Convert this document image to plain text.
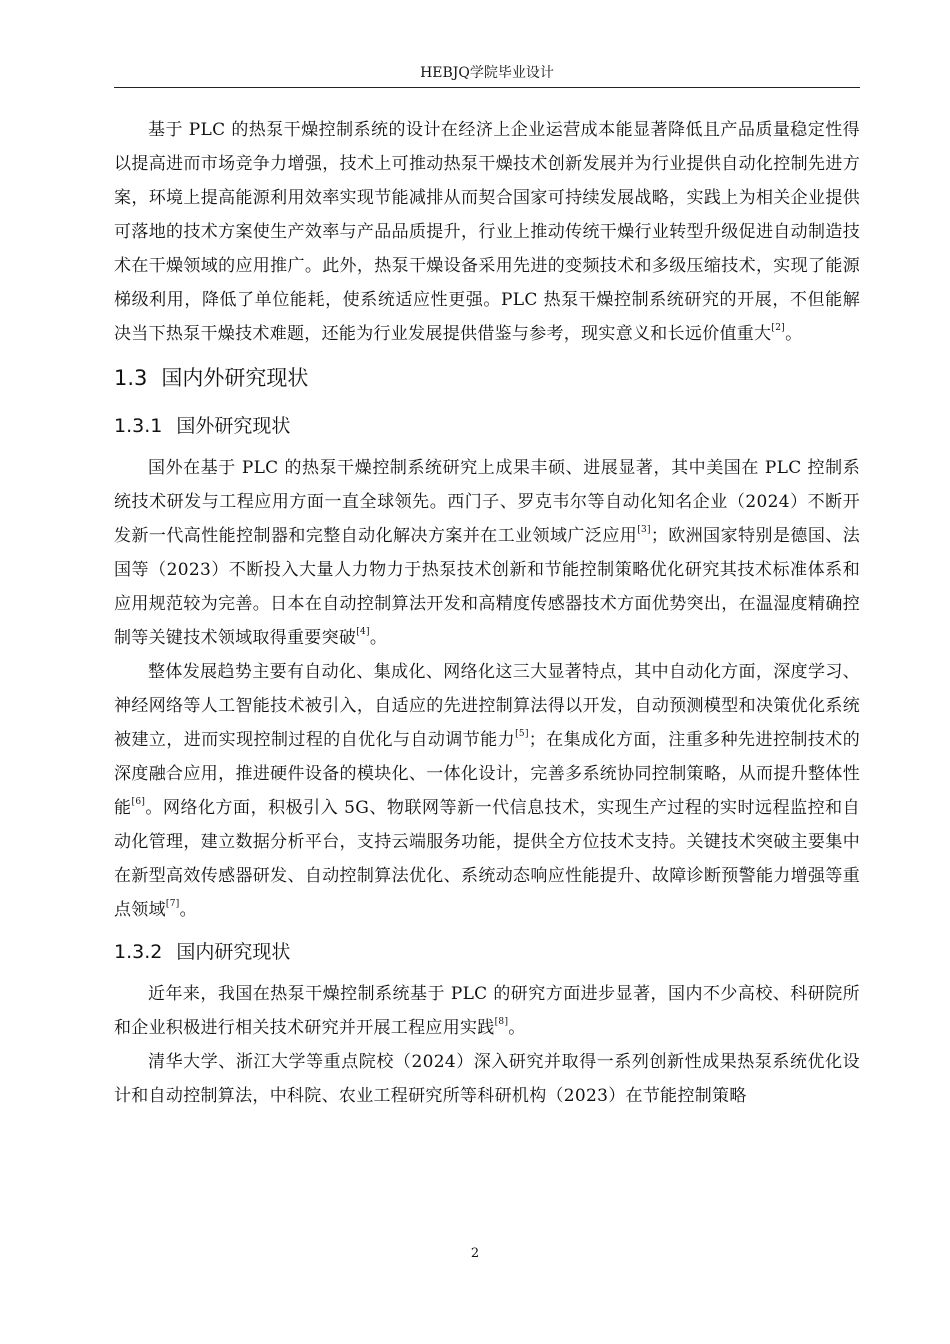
HEBJQ学院毕业设计

基于 PLC 的热泵干燥控制系统的设计在经济上企业运营成本能显著降低且产品质量稳定性得以提高进而市场竞争力增强，技术上可推动热泵干燥技术创新发展并为行业提供自动化控制先进方案，环境上提高能源利用效率实现节能减排从而契合国家可持续发展战略，实践上为相关企业提供可落地的技术方案使生产效率与产品品质提升，行业上推动传统干燥行业转型升级促进自动制造技术在干燥领域的应用推广。此外，热泵干燥设备采用先进的变频技术和多级压缩技术，实现了能源梯级利用，降低了单位能耗，使系统适应性更强。PLC 热泵干燥控制系统研究的开展，不但能解决当下热泵干燥技术难题，还能为行业发展提供借鉴与参考，现实意义和长远价值重大[2]。

1.3 国内外研究现状
1.3.1 国外研究现状

国外在基于 PLC 的热泵干燥控制系统研究上成果丰硕、进展显著，其中美国在 PLC 控制系统技术研发与工程应用方面一直全球领先。西门子、罗克韦尔等自动化知名企业（2024）不断开发新一代高性能控制器和完整自动化解决方案并在工业领域广泛应用[3]；欧洲国家特别是德国、法国等（2023）不断投入大量人力物力于热泵技术创新和节能控制策略优化研究其技术标准体系和应用规范较为完善。日本在自动控制算法开发和高精度传感器技术方面优势突出，在温湿度精确控制等关键技术领域取得重要突破[4]。

整体发展趋势主要有自动化、集成化、网络化这三大显著特点，其中自动化方面，深度学习、神经网络等人工智能技术被引入，自适应的先进控制算法得以开发，自动预测模型和决策优化系统被建立，进而实现控制过程的自优化与自动调节能力[5]；在集成化方面，注重多种先进控制技术的深度融合应用，推进硬件设备的模块化、一体化设计，完善多系统协同控制策略，从而提升整体性能[6]。网络化方面，积极引入 5G、物联网等新一代信息技术，实现生产过程的实时远程监控和自动化管理，建立数据分析平台，支持云端服务功能，提供全方位技术支持。关键技术突破主要集中在新型高效传感器研发、自动控制算法优化、系统动态响应性能提升、故障诊断预警能力增强等重点领域[7]。

1.3.2 国内研究现状

近年来，我国在热泵干燥控制系统基于 PLC 的研究方面进步显著，国内不少高校、科研院所和企业积极进行相关技术研究并开展工程应用实践[8]。

清华大学、浙江大学等重点院校（2024）深入研究并取得一系列创新性成果热泵系统优化设计和自动控制算法，中科院、农业工程研究所等科研机构（2023）在节能控制策略

2
